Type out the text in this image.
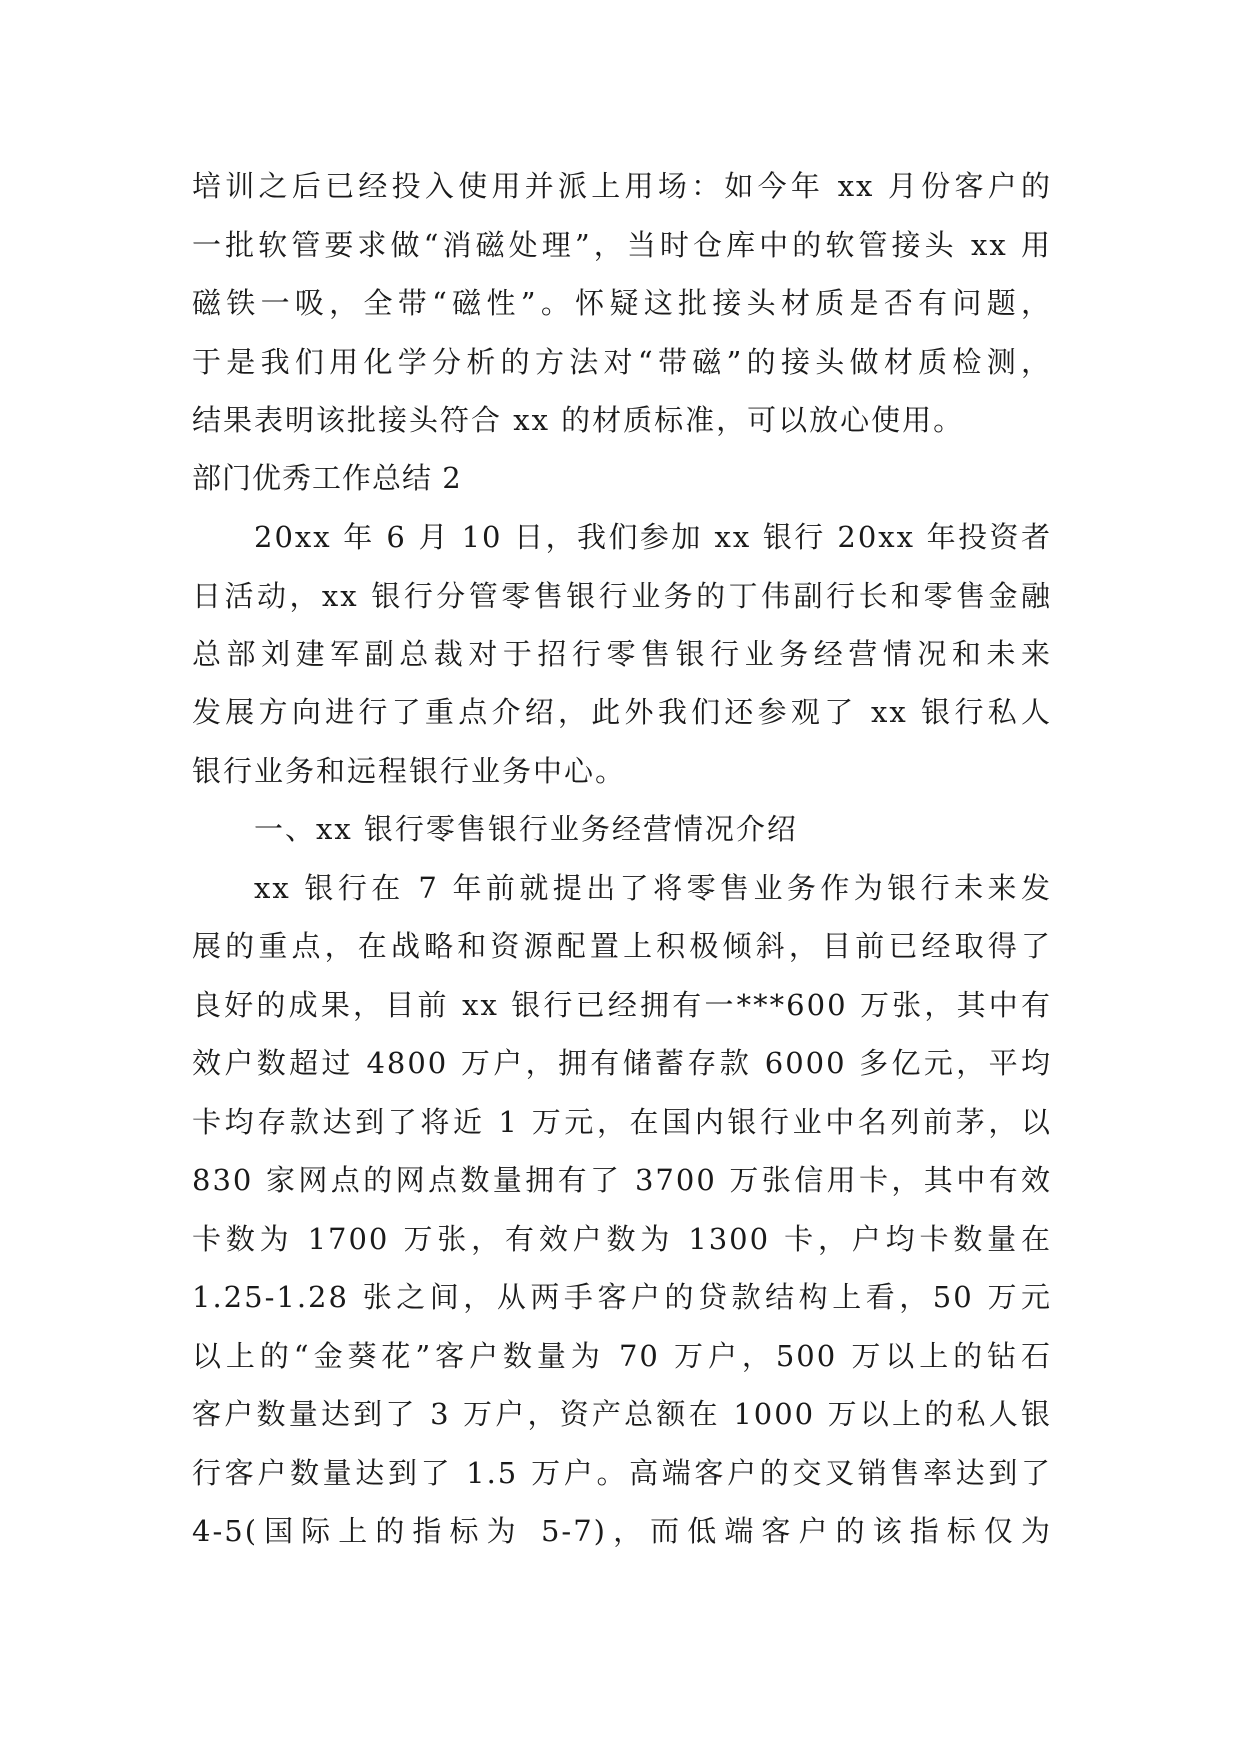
培训之后已经投入使用并派上用场：如今年 xx 月份客户的
一批软管要求做“消磁处理”，当时仓库中的软管接头 xx 用
磁铁一吸，全带“磁性”。怀疑这批接头材质是否有问题，
于是我们用化学分析的方法对“带磁”的接头做材质检测，
结果表明该批接头符合 xx 的材质标准，可以放心使用。
部门优秀工作总结 2
20xx 年 6 月 10 日，我们参加 xx 银行 20xx 年投资者
日活动，xx 银行分管零售银行业务的丁伟副行长和零售金融
总部刘建军副总裁对于招行零售银行业务经营情况和未来
发展方向进行了重点介绍，此外我们还参观了 xx 银行私人
银行业务和远程银行业务中心。
一、xx 银行零售银行业务经营情况介绍
xx 银行在 7 年前就提出了将零售业务作为银行未来发
展的重点，在战略和资源配置上积极倾斜，目前已经取得了
良好的成果，目前 xx 银行已经拥有一***600 万张，其中有
效户数超过 4800 万户，拥有储蓄存款 6000 多亿元，平均
卡均存款达到了将近 1 万元，在国内银行业中名列前茅，以
830 家网点的网点数量拥有了 3700 万张信用卡，其中有效
卡数为 1700 万张，有效户数为 1300 卡，户均卡数量在
1.25-1.28 张之间，从两手客户的贷款结构上看，50 万元
以上的“金葵花”客户数量为 70 万户，500 万以上的钻石
客户数量达到了 3 万户，资产总额在 1000 万以上的私人银
行客户数量达到了 1.5 万户。高端客户的交叉销售率达到了
4-5(国际上的指标为 5-7)，而低端客户的该指标仅为
